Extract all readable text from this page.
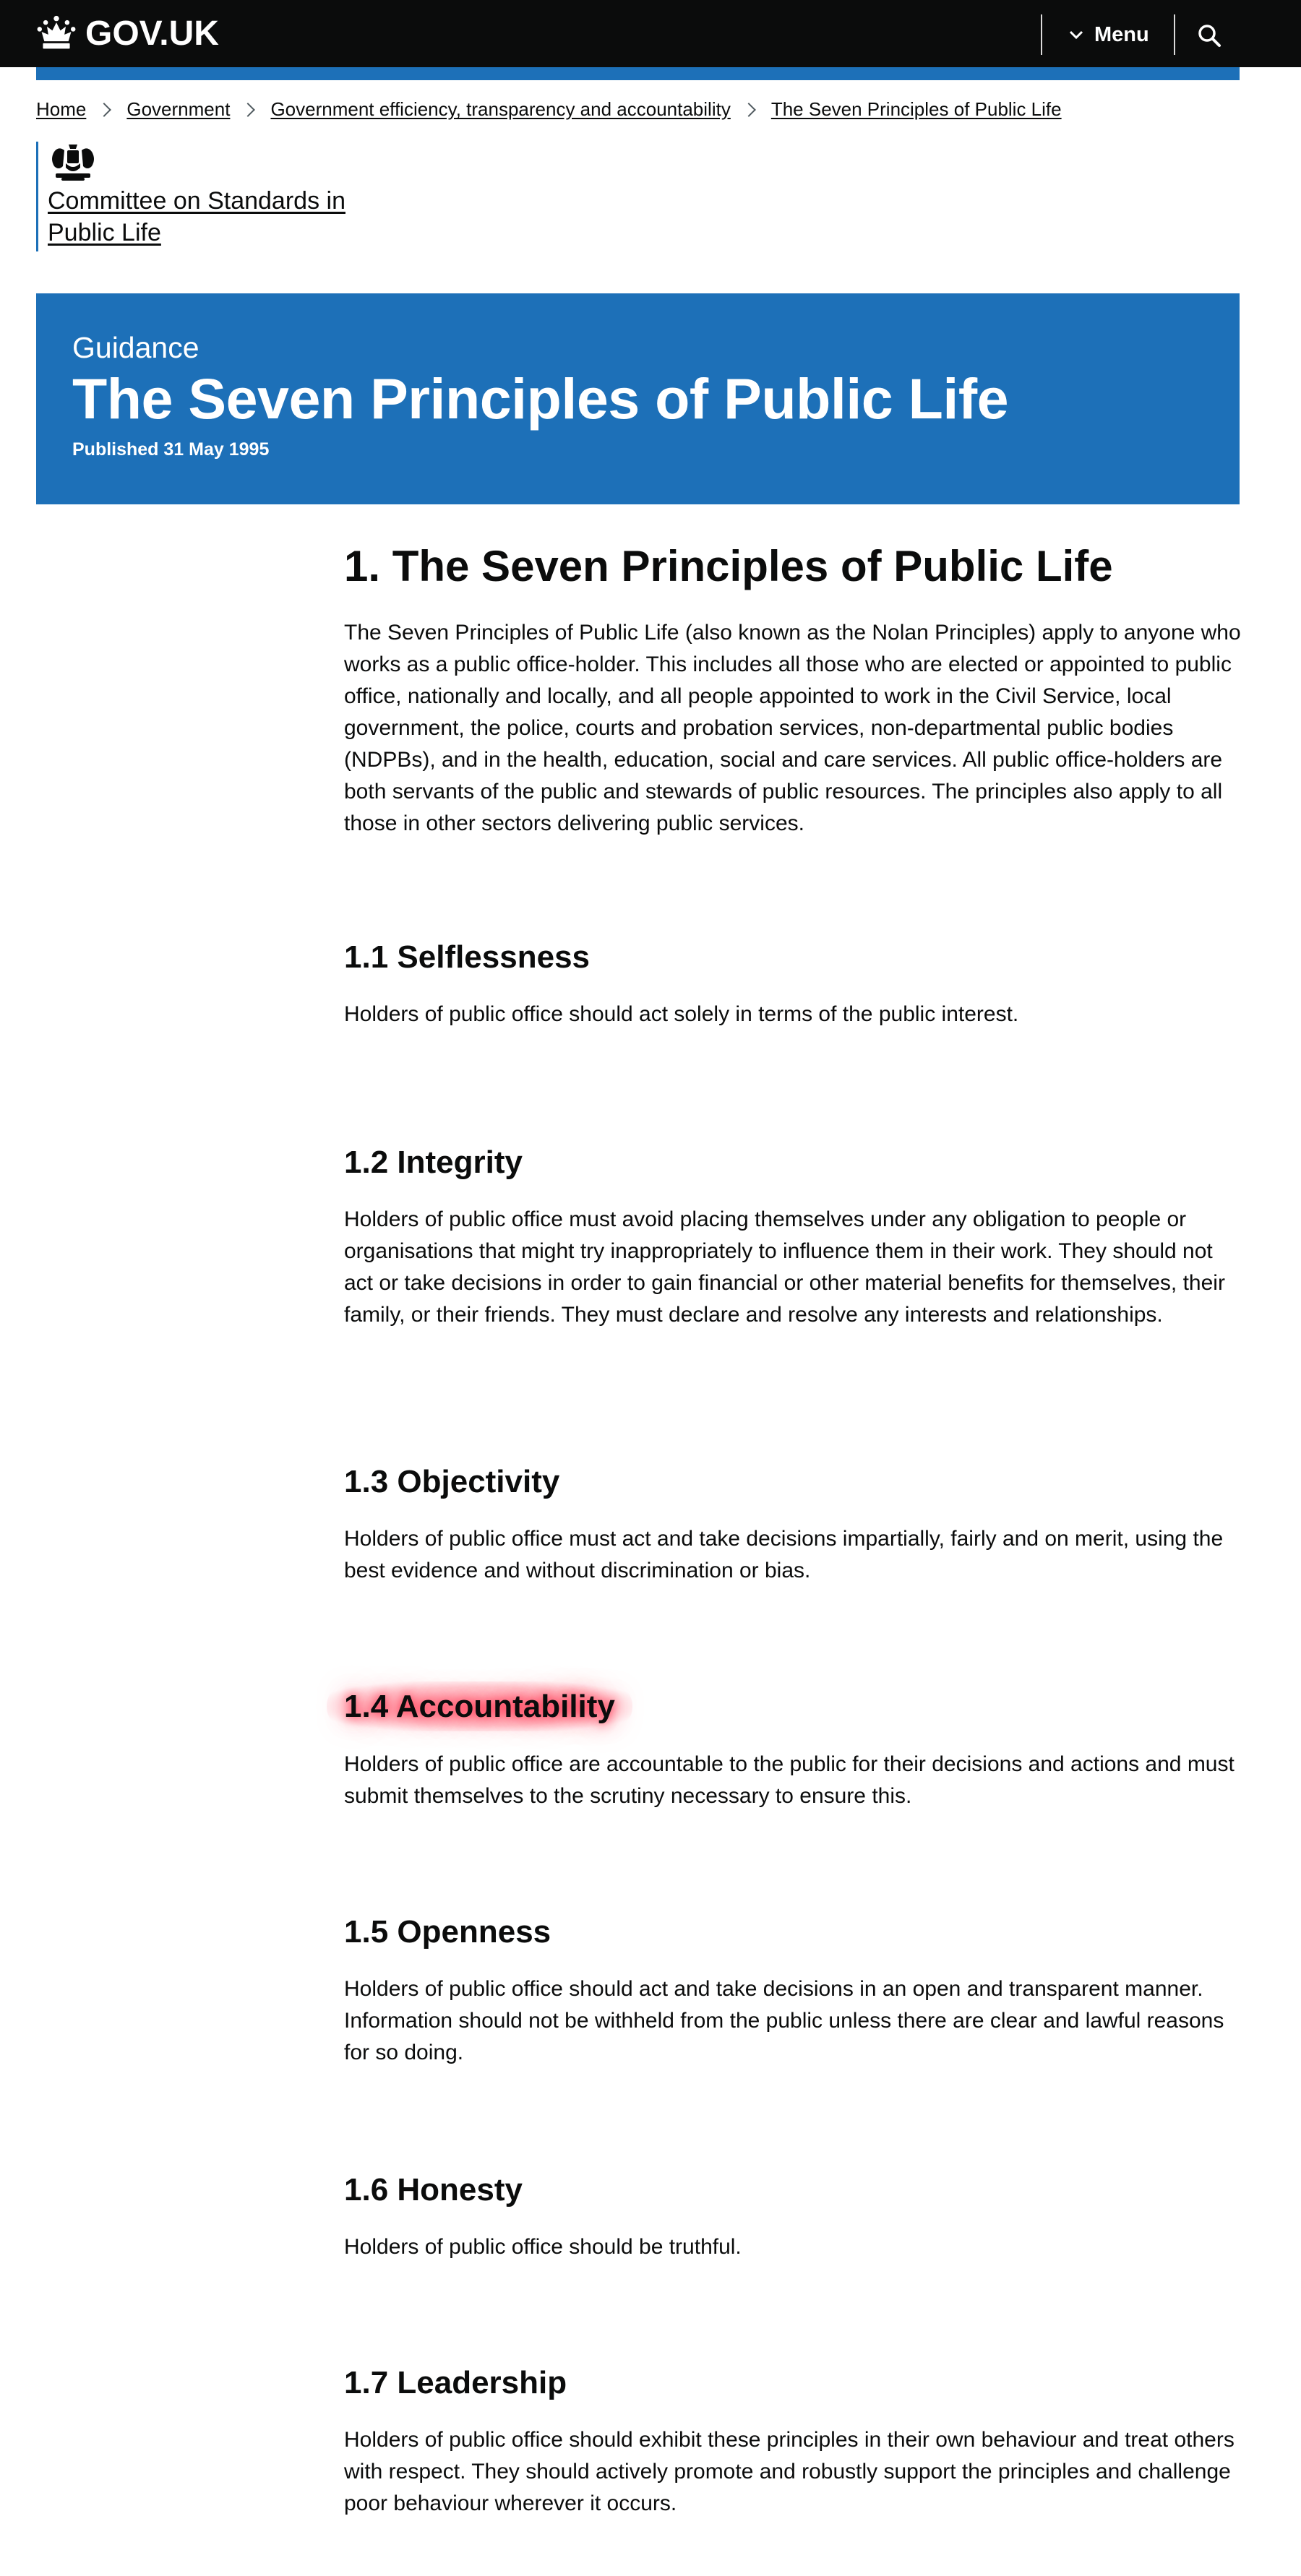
GOV.UK	Menu
Home Government Government efficiency, transparency and accountability The Seven Principles of Public Life
Committee on Standards in
Public Life
Guidance
The Seven Principles of Public Life
Published 31 May 1995
1. The Seven Principles of Public Life

The Seven Principles of Public Life (also known as the Nolan Principles) apply to anyone who works as a public office-holder. This includes all those who are elected or appointed to public office, nationally and locally, and all people appointed to work in the Civil Service, local government, the police, courts and probation services, non-departmental public bodies (NDPBs), and in the health, education, social and care services. All public office-holders are both servants of the public and stewards of public resources. The principles also apply to all those in other sectors delivering public services.

1.1 Selflessness

Holders of public office should act solely in terms of the public interest.

1.2 Integrity

Holders of public office must avoid placing themselves under any obligation to people or organisations that might try inappropriately to influence them in their work. They should not act or take decisions in order to gain financial or other material benefits for themselves, their family, or their friends. They must declare and resolve any interests and relationships.

1.3 Objectivity

Holders of public office must act and take decisions impartially, fairly and on merit, using the best evidence and without discrimination or bias.

1.4 Accountability

Holders of public office are accountable to the public for their decisions and actions and must submit themselves to the scrutiny necessary to ensure this.

1.5 Openness

Holders of public office should act and take decisions in an open and transparent manner. Information should not be withheld from the public unless there are clear and lawful reasons for so doing.

1.6 Honesty

Holders of public office should be truthful.

1.7 Leadership

Holders of public office should exhibit these principles in their own behaviour and treat others with respect. They should actively promote and robustly support the principles and challenge poor behaviour wherever it occurs.
